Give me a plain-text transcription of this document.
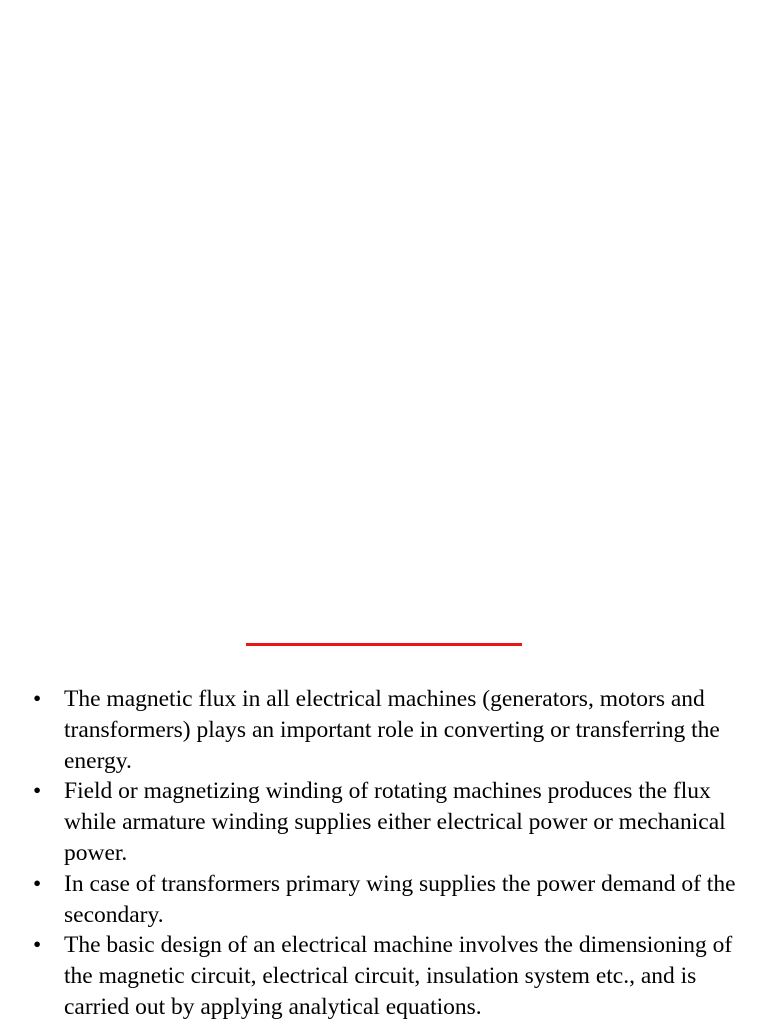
• The magnetic flux in all electrical machines (generators, motors and transformers) plays an important role in converting or transferring the energy.
• Field or magnetizing winding of rotating machines produces the flux while armature winding supplies either electrical power or mechanical power.
• In case of transformers primary wing supplies the power demand of the secondary.
• The basic design of an electrical machine involves the dimensioning of the magnetic circuit, electrical circuit, insulation system etc., and is carried out by applying analytical equations.
